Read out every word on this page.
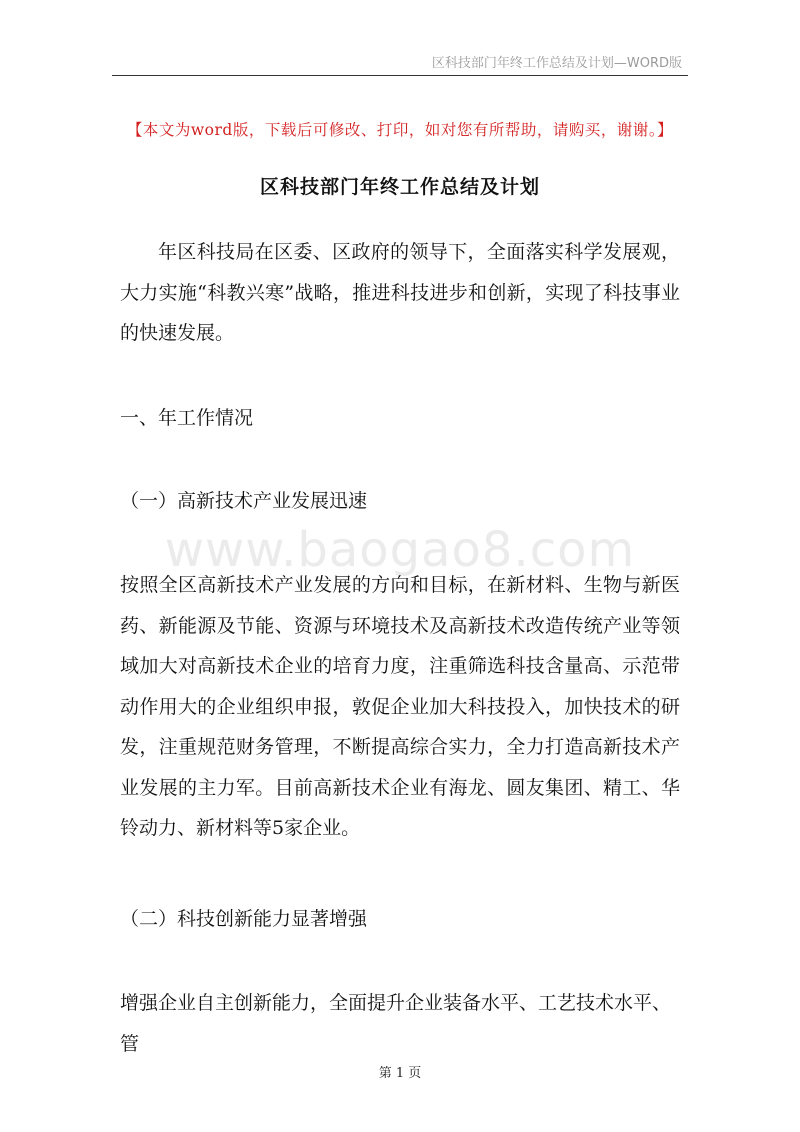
区科技部门年终工作总结及计划—WORD版
【本文为word版，下载后可修改、打印，如对您有所帮助，请购买，谢谢。】
区科技部门年终工作总结及计划

年区科技局在区委、区政府的领导下，全面落实科学发展观，大力实施“科教兴寒”战略，推进科技进步和创新，实现了科技事业的快速发展。

一、年工作情况

（一）高新技术产业发展迅速

www.baogao8.com

按照全区高新技术产业发展的方向和目标，在新材料、生物与新医药、新能源及节能、资源与环境技术及高新技术改造传统产业等领域加大对高新技术企业的培育力度，注重筛选科技含量高、示范带动作用大的企业组织申报，敦促企业加大科技投入，加快技术的研发，注重规范财务管理，不断提高综合实力，全力打造高新技术产业发展的主力军。目前高新技术企业有海龙、圆友集团、精工、华铃动力、新材料等5家企业。

（二）科技创新能力显著增强

增强企业自主创新能力，全面提升企业装备水平、工艺技术水平、管

第 1 页
